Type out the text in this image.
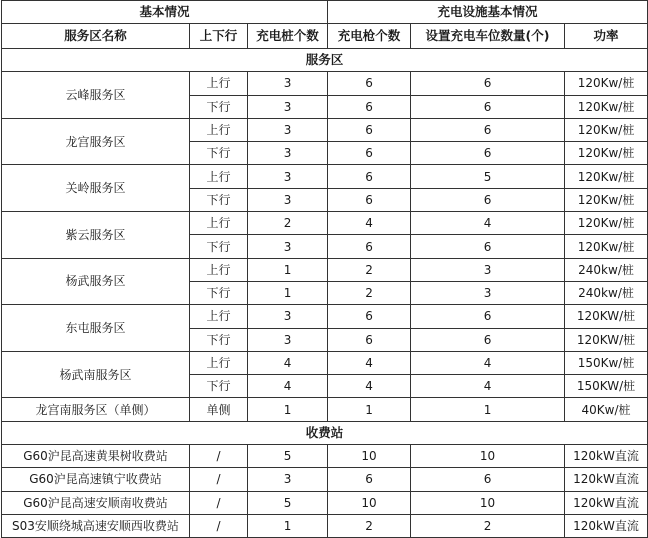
基本情况			充电设施基本情况		
服务区名称	上下行	充电桩个数	充电枪个数	设置充电车位数量(个)	功率
服务区					
云峰服务区	上行	3	6	6	120Kw/桩
	下行	3	6	6	120Kw/桩
龙宫服务区	上行	3	6	6	120Kw/桩
	下行	3	6	6	120Kw/桩
关岭服务区	上行	3	6	5	120Kw/桩
	下行	3	6	6	120Kw/桩
紫云服务区	上行	2	4	4	120Kw/桩
	下行	3	6	6	120Kw/桩
杨武服务区	上行	1	2	3	240kw/桩
	下行	1	2	3	240kw/桩
东屯服务区	上行	3	6	6	120KW/桩
	下行	3	6	6	120KW/桩
杨武南服务区	上行	4	4	4	150Kw/桩
	下行	4	4	4	150KW/桩
龙宫南服务区（单侧）	单侧	1	1	1	40Kw/桩
收费站					
G60沪昆高速黄果树收费站	/	5	10	10	120kW直流
G60沪昆高速镇宁收费站	/	3	6	6	120kW直流
G60沪昆高速安顺南收费站	/	5	10	10	120kW直流
S03安顺绕城高速安顺西收费站	/	1	2	2	120kW直流
